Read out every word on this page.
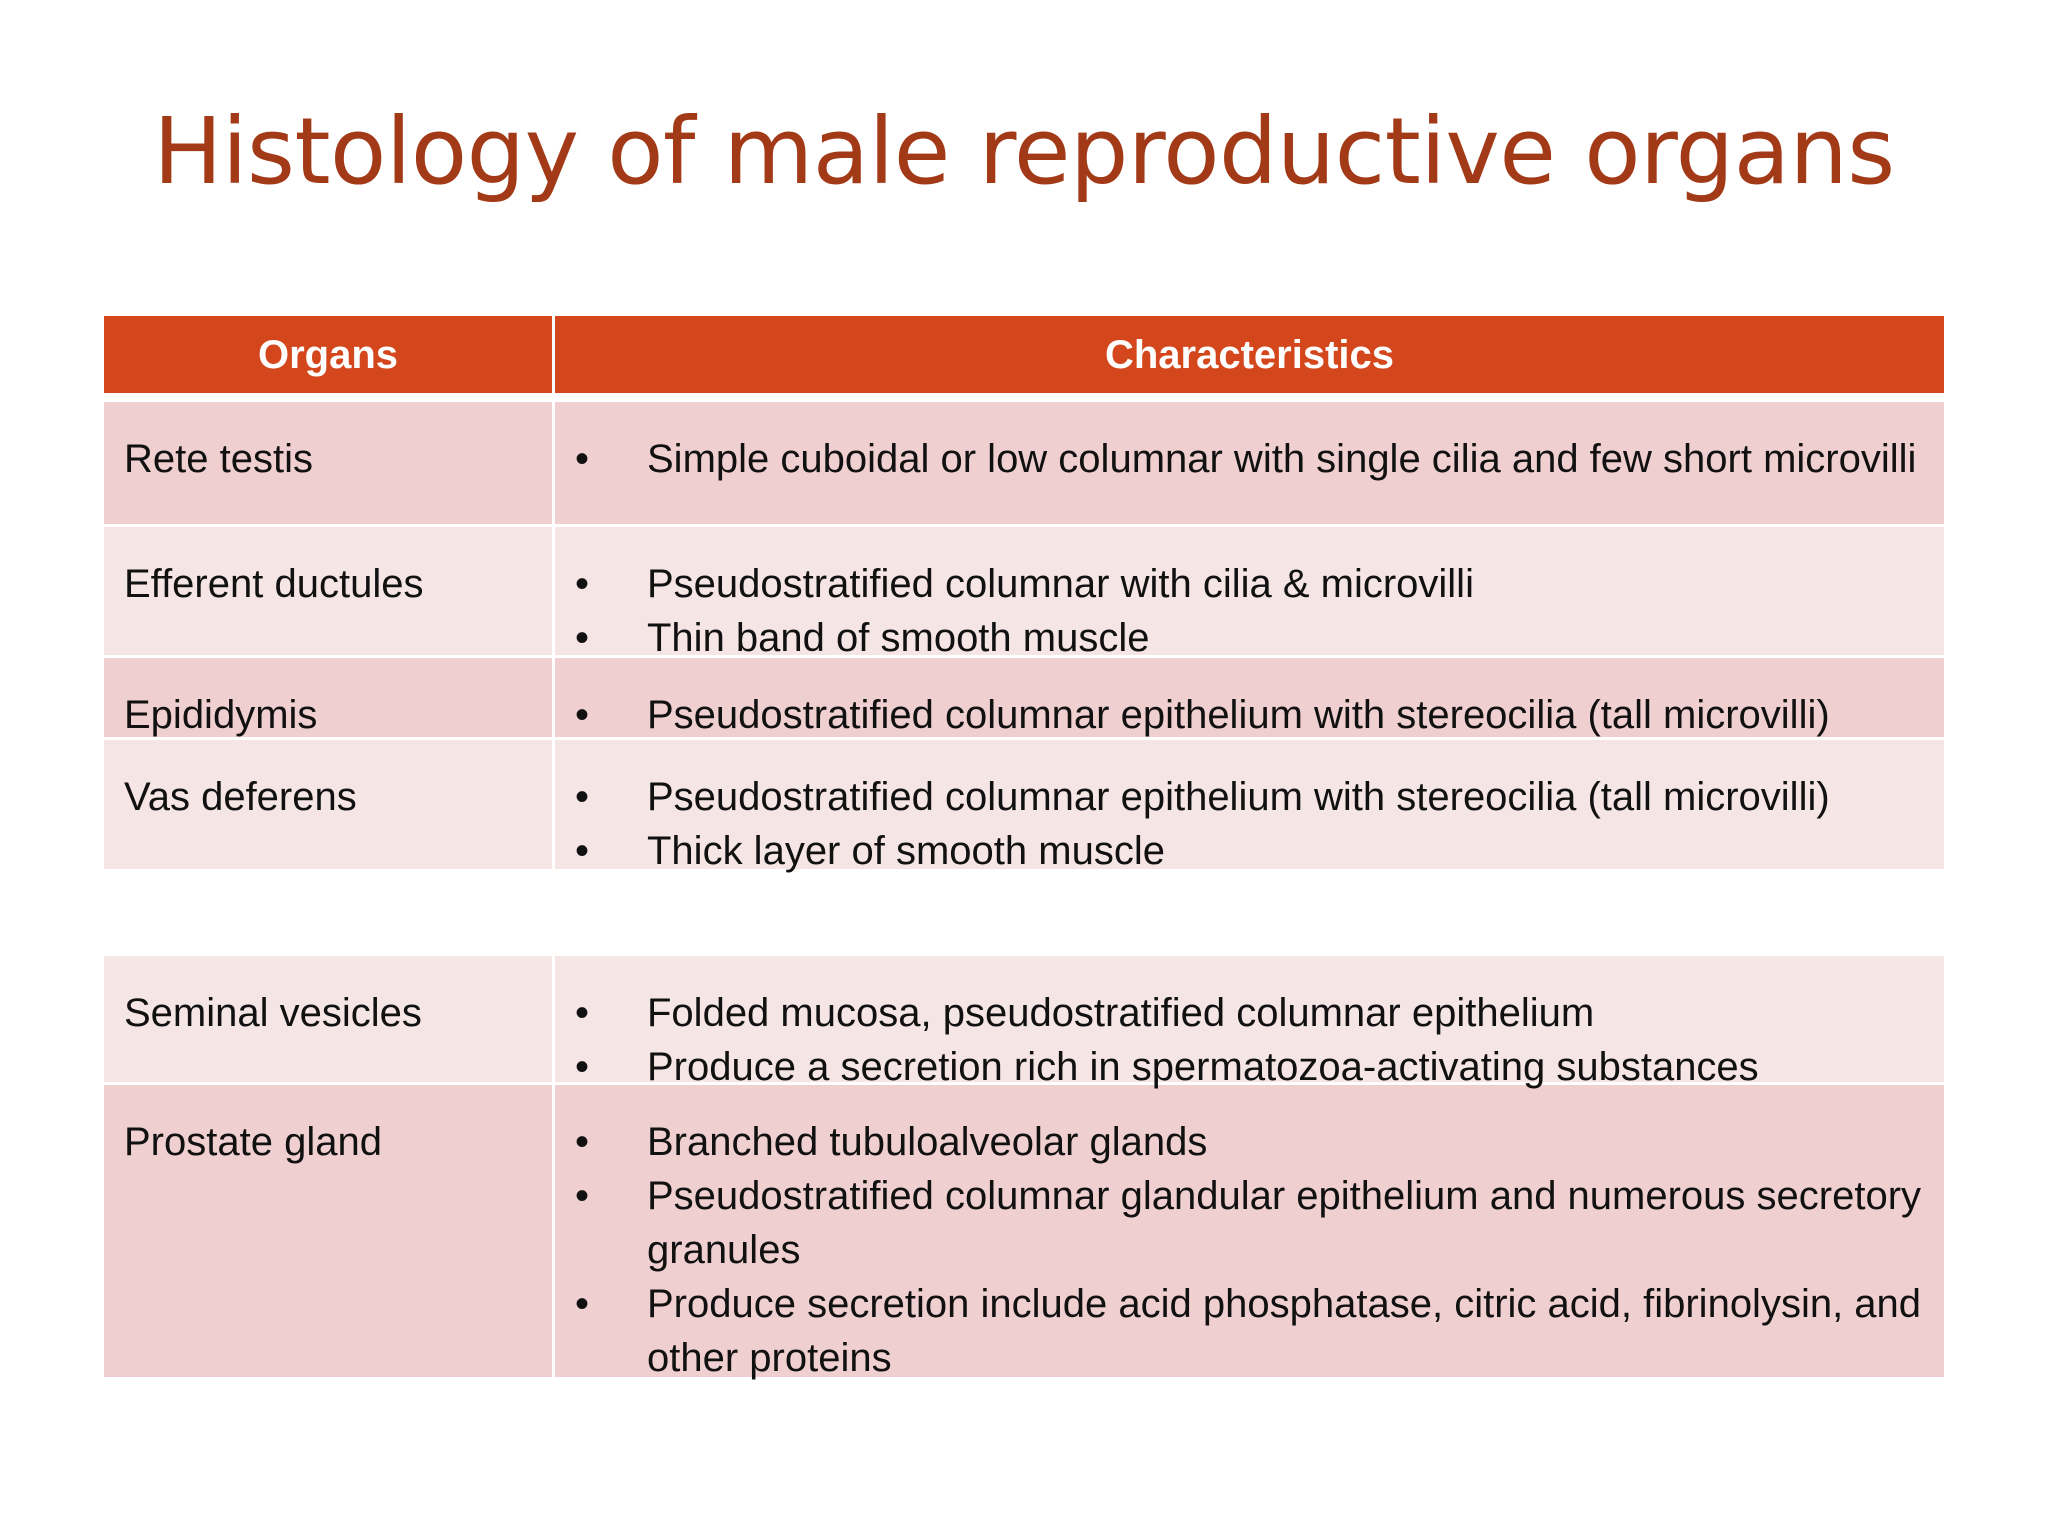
Histology of male reproductive organs
Organs	Characteristics
Rete testis	•	Simple cuboidal or low columnar with single cilia and few short microvilli
Efferent ductules	•	Pseudostratified columnar with cilia & microvilli
•	Thin band of smooth muscle
Epididymis	•	Pseudostratified columnar epithelium with stereocilia (tall microvilli)
Vas deferens	•	Pseudostratified columnar epithelium with stereocilia (tall microvilli)
•	Thick layer of smooth muscle
Seminal vesicles	•	Folded mucosa, pseudostratified columnar epithelium
•	Produce a secretion rich in spermatozoa-activating substances
Prostate gland	•	Branched tubuloalveolar glands
•	Pseudostratified columnar glandular epithelium and numerous secretory granules
•	Produce secretion include acid phosphatase, citric acid, fibrinolysin, and other proteins
